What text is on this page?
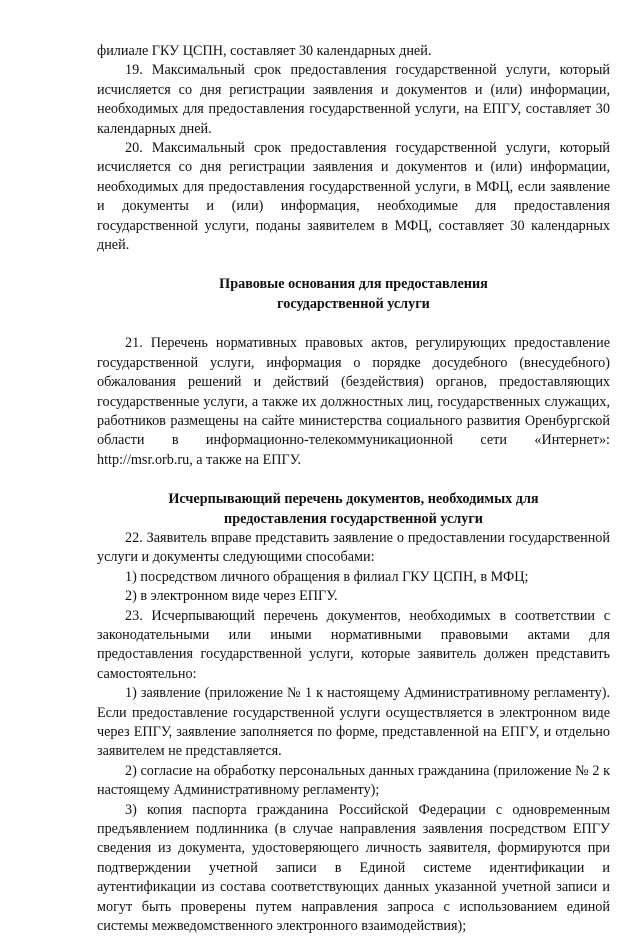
филиале ГКУ ЦСПН, составляет 30 календарных дней.

19. Максимальный срок предоставления государственной услуги, который исчисляется со дня регистрации заявления и документов и (или) информации, необходимых для предоставления государственной услуги, на ЕПГУ, составляет 30 календарных дней.

20. Максимальный срок предоставления государственной услуги, который исчисляется со дня регистрации заявления и документов и (или) информации, необходимых для предоставления государственной услуги, в МФЦ, если заявление и документы и (или) информация, необходимые для предоставления государственной услуги, поданы заявителем в МФЦ, составляет 30 календарных дней.

Правовые основания для предоставления государственной услуги

21. Перечень нормативных правовых актов, регулирующих предоставление государственной услуги, информация о порядке досудебного (внесудебного) обжалования решений и действий (бездействия) органов, предоставляющих государственные услуги, а также их должностных лиц, государственных служащих, работников размещены на сайте министерства социального развития Оренбургской области в информационно-телекоммуникационной сети «Интернет»: http://msr.orb.ru, а также на ЕПГУ.

Исчерпывающий перечень документов, необходимых для предоставления государственной услуги

22. Заявитель вправе представить заявление о предоставлении государственной услуги и документы следующими способами:

1) посредством личного обращения в филиал ГКУ ЦСПН, в МФЦ;

2) в электронном виде через ЕПГУ.

23. Исчерпывающий перечень документов, необходимых в соответствии с законодательными или иными нормативными правовыми актами для предоставления государственной услуги, которые заявитель должен представить самостоятельно:

1) заявление (приложение № 1 к настоящему Административному регламенту). Если предоставление государственной услуги осуществляется в электронном виде через ЕПГУ, заявление заполняется по форме, представленной на ЕПГУ, и отдельно заявителем не представляется.

2) согласие на обработку персональных данных гражданина (приложение № 2 к настоящему Административному регламенту);

3) копия паспорта гражданина Российской Федерации с одновременным предъявлением подлинника (в случае направления заявления посредством ЕПГУ сведения из документа, удостоверяющего личность заявителя, формируются при подтверждении учетной записи в Единой системе идентификации и аутентификации из состава соответствующих данных указанной учетной записи и могут быть проверены путем направления запроса с использованием единой системы межведомственного электронного взаимодействия);
